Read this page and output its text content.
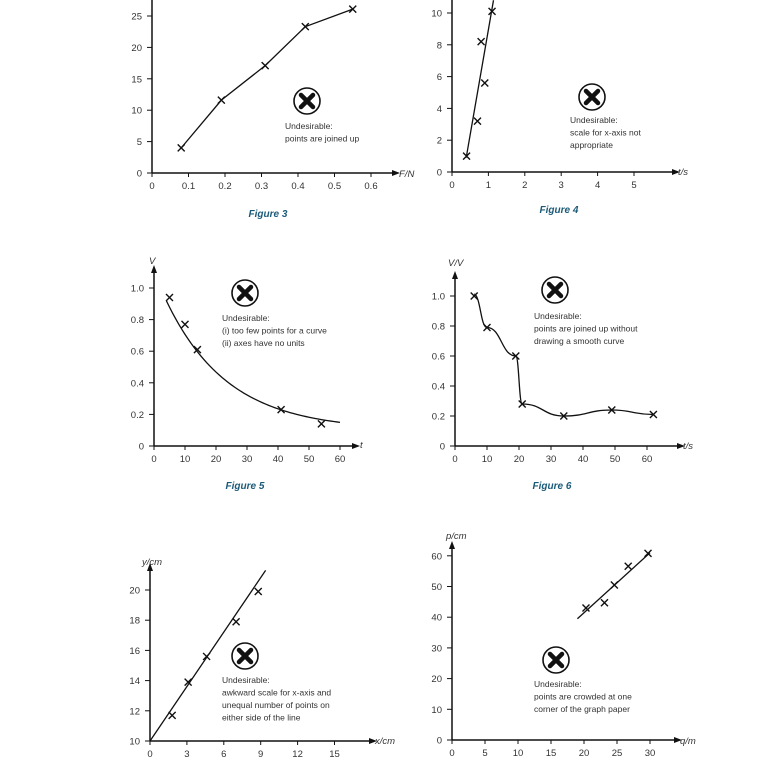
0	0.1 0.2 0.3 0.4 0.5 0.6
0
5
10
15
20
25
F/N
Undesirable:
points are joined up
Figure 3
0	1	2	3	4	5
0
2
4
6
8
10
t/s
Undesirable:
scale for x-axis not
appropriate
Figure 4
0 10 20 30 40 50 60
0
0.2
0.4
0.6
0.8
1.0
t
V
Undesirable:
(i) too few points for a curve
(ii) axes have no units
Figure 5
0	10 20 30 40 50 60
0
0.2
0.4
0.6
0.8
1.0
t/s
V/V
Undesirable:
points are joined up without
drawing a smooth curve
Figure 6
0	3	6	9	12	15
10
12
14
16
18
20
x/cm
y/cm
Undesirable:
awkward scale for x-axis and
unequal number of points on
either side of the line
0	5	10 15 20 25 30
0
10
20
30
40
50
60
q/m
p/cm
Undesirable:
points are crowded at one
corner of the graph paper
